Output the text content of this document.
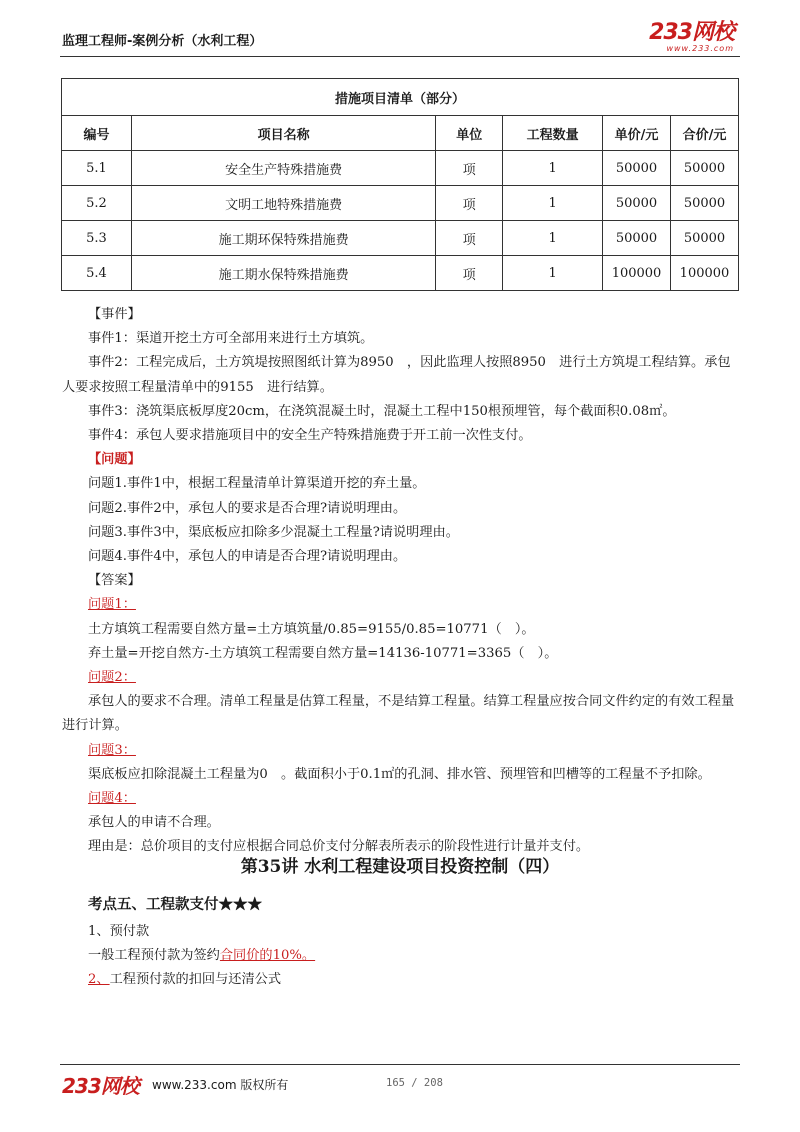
监理工程师-案例分析（水利工程）	233网校
www.233.com
措施项目清单（部分）					
编号	项目名称	单位	工程数量	单价/元	合价/元
5.1	安全生产特殊措施费	项	1	50000	50000
5.2	文明工地特殊措施费	项	1	50000	50000
5.3	施工期环保特殊措施费	项	1	50000	50000
5.4	施工期水保特殊措施费	项	1	100000	100000

【事件】

事件1：渠道开挖土方可全部用来进行土方填筑。

事件2：工程完成后，土方筑堤按照图纸计算为8950　，因此监理人按照8950　进行土方筑堤工程结算。承包人要求按照工程量清单中的9155　进行结算。

事件3：浇筑渠底板厚度20cm，在浇筑混凝土时，混凝土工程中150根预埋管，每个截面积0.08㎡。

事件4：承包人要求措施项目中的安全生产特殊措施费于开工前一次性支付。

【问题】

问题1.事件1中，根据工程量清单计算渠道开挖的弃土量。

问题2.事件2中，承包人的要求是否合理?请说明理由。

问题3.事件3中，渠底板应扣除多少混凝土工程量?请说明理由。

问题4.事件4中，承包人的申请是否合理?请说明理由。

【答案】

问题1：

土方填筑工程需要自然方量=土方填筑量/0.85=9155/0.85=10771（　）。

弃土量=开挖自然方-土方填筑工程需要自然方量=14136-10771=3365（　）。

问题2：

承包人的要求不合理。清单工程量是估算工程量，不是结算工程量。结算工程量应按合同文件约定的有效工程量进行计算。

问题3：

渠底板应扣除混凝土工程量为0　。截面积小于0.1㎡的孔洞、排水管、预埋管和凹槽等的工程量不予扣除。

问题4：

承包人的申请不合理。

理由是：总价项目的支付应根据合同总价支付分解表所表示的阶段性进行计量并支付。

第35讲 水利工程建设项目投资控制（四）

考点五、工程款支付★★★

1、预付款

一般工程预付款为签约合同价的10%。

2、工程预付款的扣回与还清公式

233网校 www.233.com 版权所有	165 / 208
